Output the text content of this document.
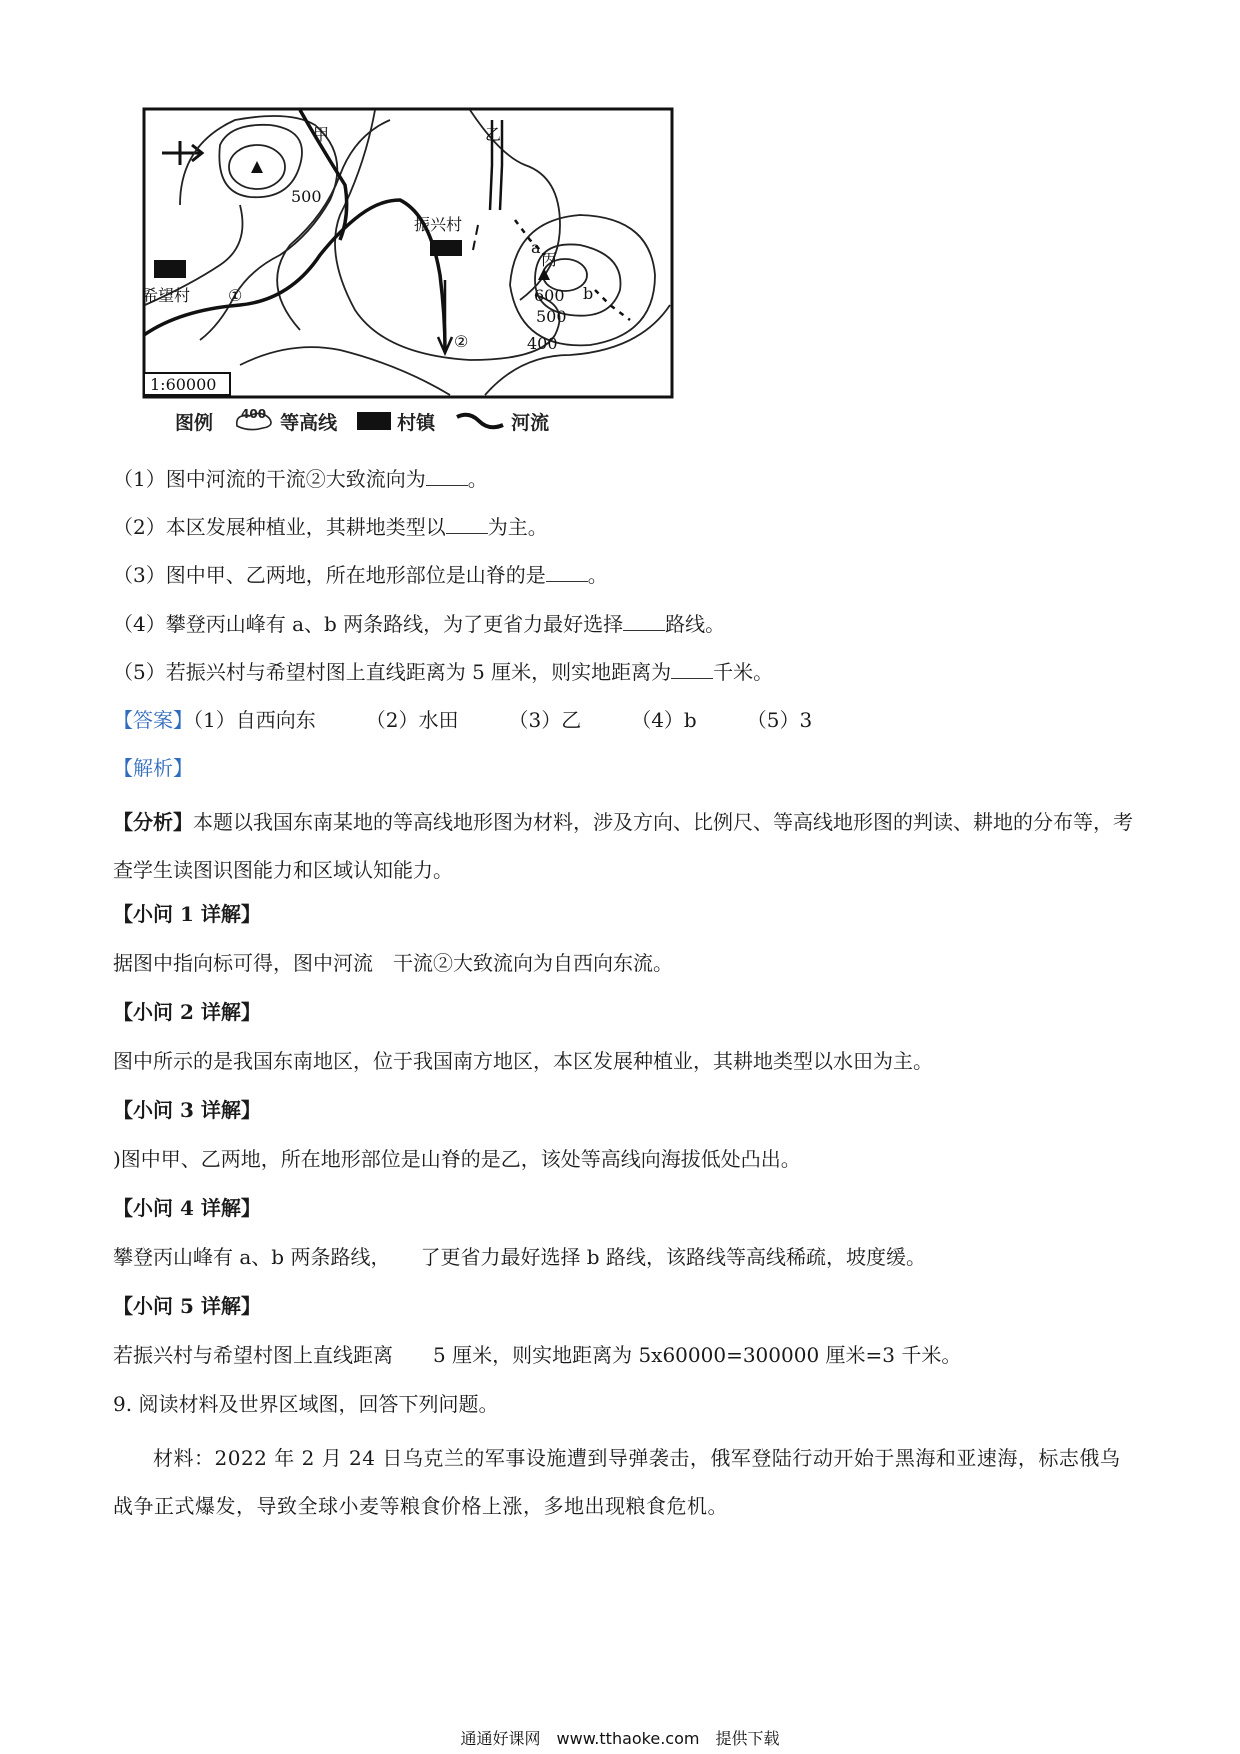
1:60000
甲	乙
丙
振兴村
希望村
a
b
①
②
500
600
500
400
图例 400 等高线	村镇	河流
（1）图中河流的干流②大致流向为 。
（2）本区发展种植业，其耕地类型以 为主。
（3）图中甲、乙两地，所在地形部位是山脊的是 。
（4）攀登丙山峰有 a、b 两条路线，为了更省力最好选择 路线。
（5）若振兴村与希望村图上直线距离为 5 厘米，则实地距离为 千米。
【答案】（1）自西向东	（2）水田	（3）乙	（4）b	（5）3
【解析】
【分析】本题以我国东南某地的等高线地形图为材料，涉及方向、比例尺、等高线地形图的判读、耕地的分布等，考查学生读图识图能力和区域认知能力。
【小问 1 详解】
据图中指向标可得，图中河流　干流②大致流向为自西向东流。
【小问 2 详解】
图中所示的是我国东南地区，位于我国南方地区，本区发展种植业，其耕地类型以水田为主。
【小问 3 详解】
)图中甲、乙两地，所在地形部位是山脊的是乙，该处等高线向海拔低处凸出。
【小问 4 详解】
攀登丙山峰有 a、b 两条路线，　　了更省力最好选择 b 路线，该路线等高线稀疏，坡度缓。
【小问 5 详解】
若振兴村与希望村图上直线距离　　5 厘米，则实地距离为 5x60000=300000 厘米=3 千米。
9. 阅读材料及世界区域图，回答下列问题。
材料：2022 年 2 月 24 日乌克兰的军事设施遭到导弹袭击，俄军登陆行动开始于黑海和亚速海，标志俄乌战争正式爆发，导致全球小麦等粮食价格上涨，多地出现粮食危机。
通通好课网　www.tthaoke.com　提供下载
